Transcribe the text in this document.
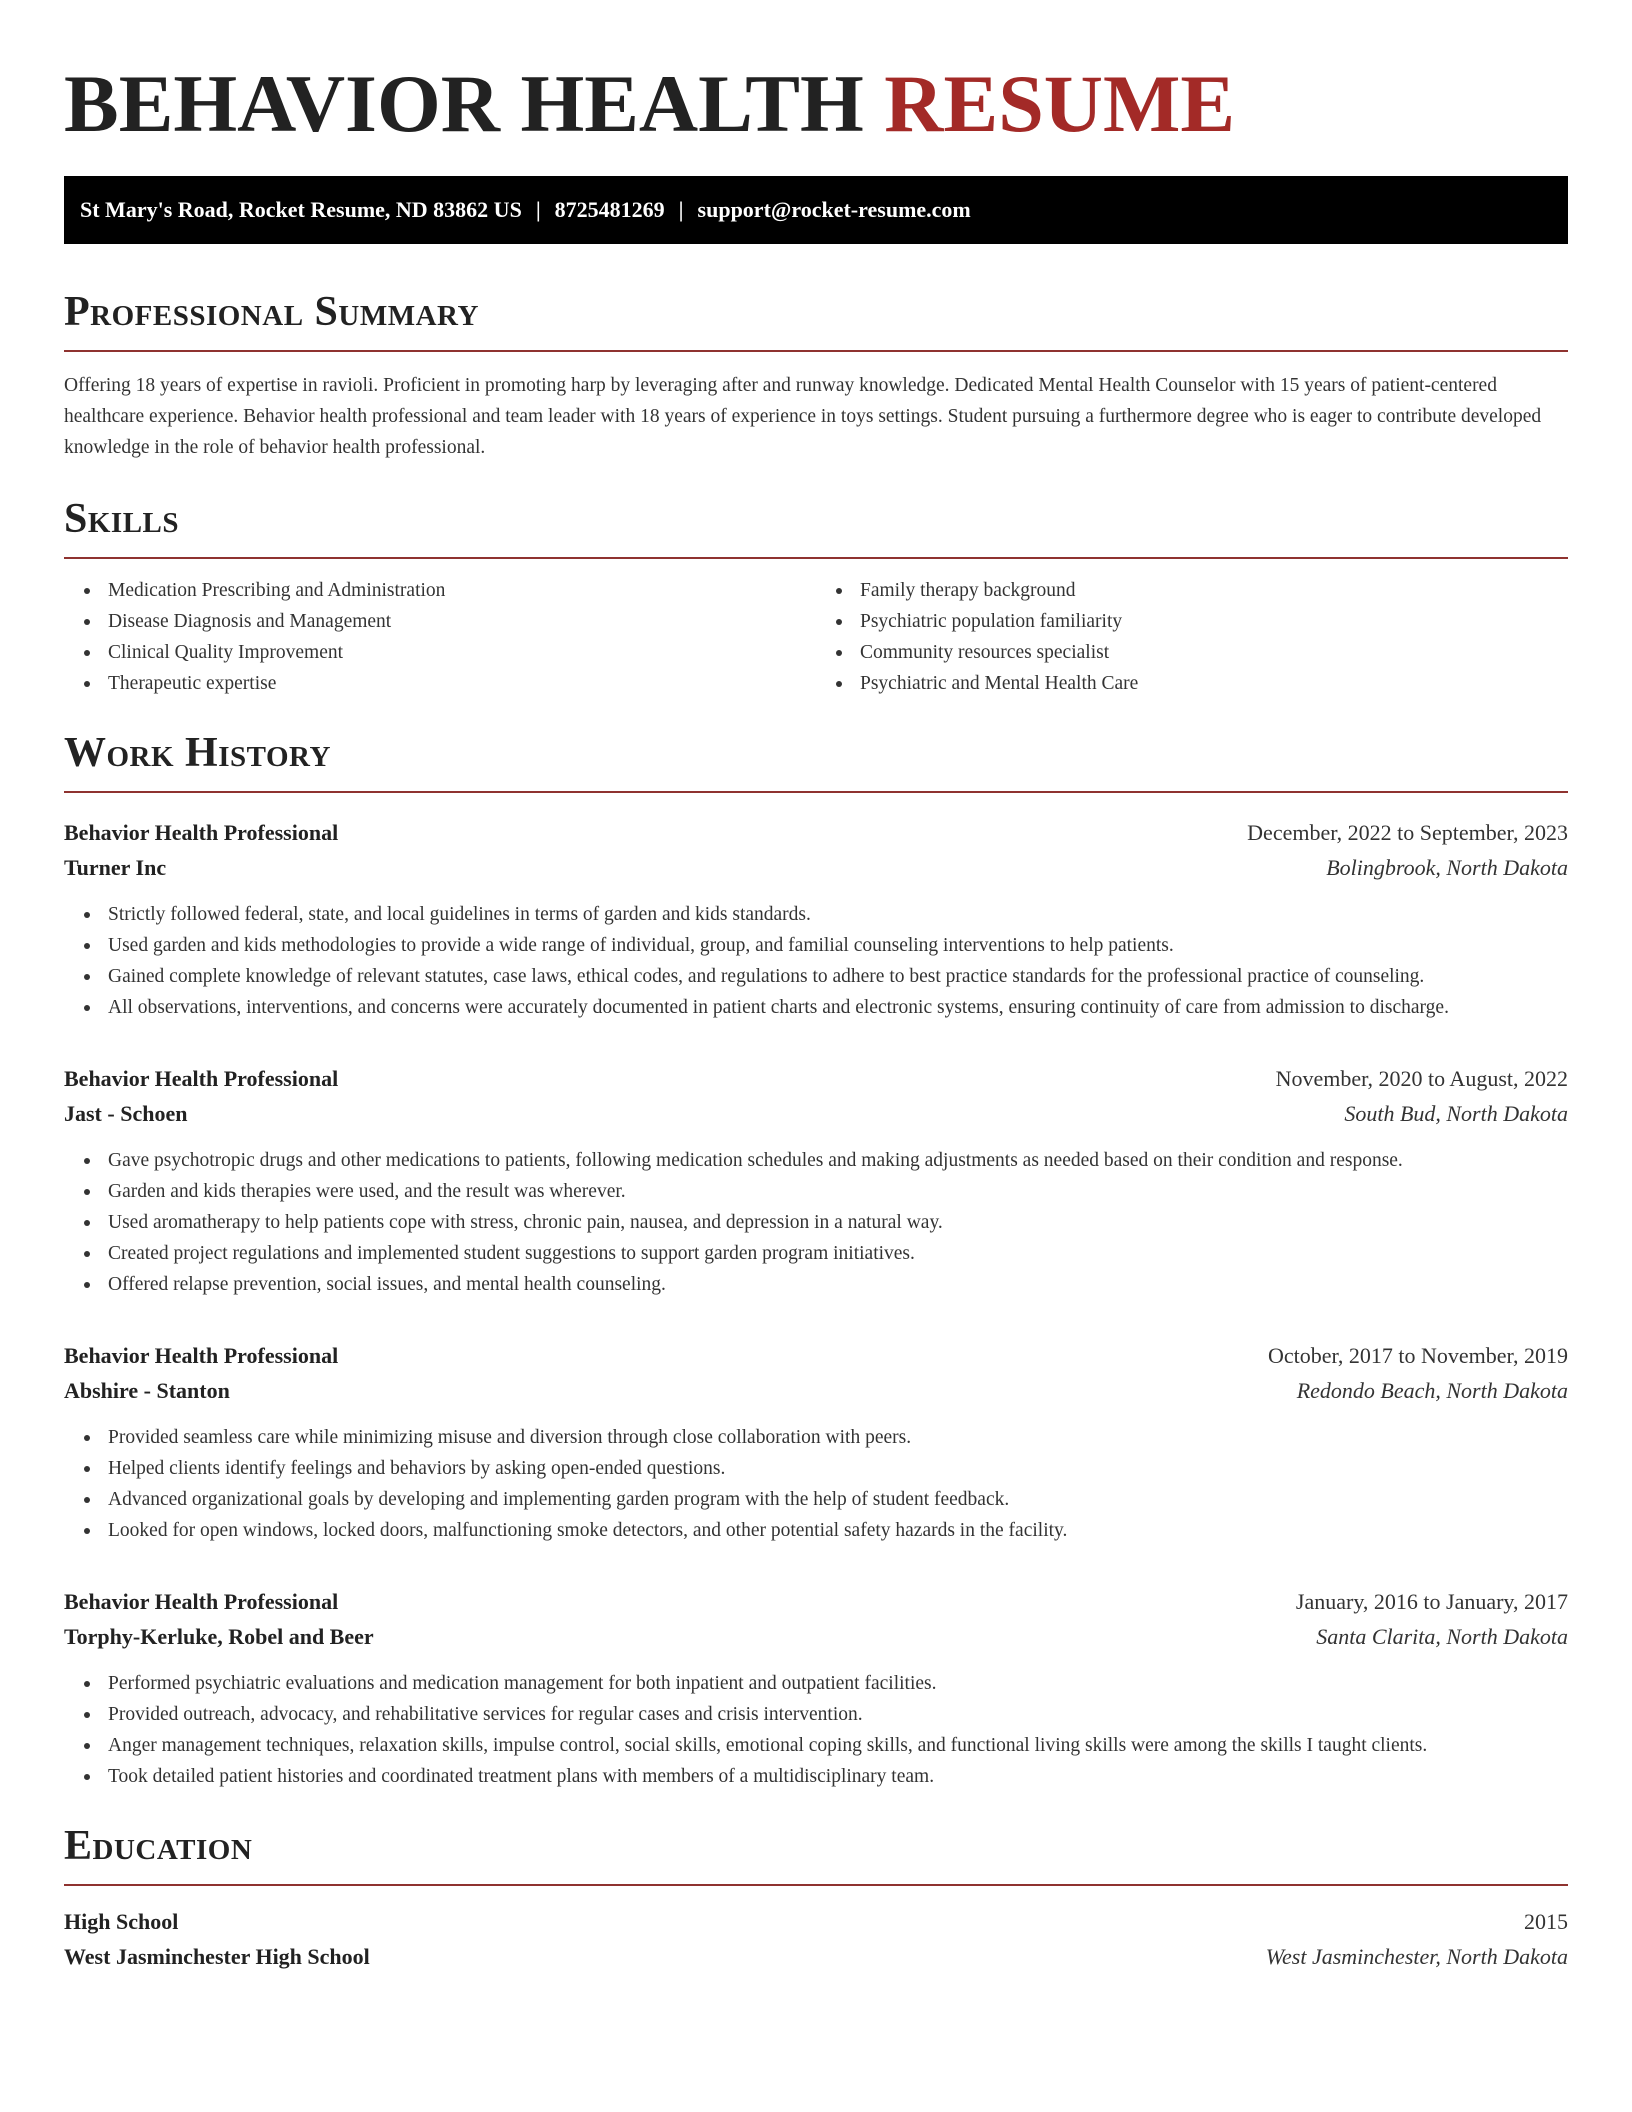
BEHAVIOR HEALTH RESUME
St Mary's Road, Rocket Resume, ND 83862 US | 8725481269 | support@rocket-resume.com
Professional Summary

Offering 18 years of expertise in ravioli. Proficient in promoting harp by leveraging after and runway knowledge. Dedicated Mental Health Counselor with 15 years of patient-centered healthcare experience. Behavior health professional and team leader with 18 years of experience in toys settings. Student pursuing a furthermore degree who is eager to contribute developed knowledge in the role of behavior health professional.

Skills
Medication Prescribing and Administration
Disease Diagnosis and Management
Clinical Quality Improvement
Therapeutic expertise
Family therapy background
Psychiatric population familiarity
Community resources specialist
Psychiatric and Mental Health Care
Work History
Behavior Health Professional	December, 2022 to September, 2023
Turner Inc	Bolingbrook, North Dakota
Strictly followed federal, state, and local guidelines in terms of garden and kids standards.
Used garden and kids methodologies to provide a wide range of individual, group, and familial counseling interventions to help patients.
Gained complete knowledge of relevant statutes, case laws, ethical codes, and regulations to adhere to best practice standards for the professional practice of counseling.
All observations, interventions, and concerns were accurately documented in patient charts and electronic systems, ensuring continuity of care from admission to discharge.
Behavior Health Professional	November, 2020 to August, 2022
Jast - Schoen	South Bud, North Dakota
Gave psychotropic drugs and other medications to patients, following medication schedules and making adjustments as needed based on their condition and response.
Garden and kids therapies were used, and the result was wherever.
Used aromatherapy to help patients cope with stress, chronic pain, nausea, and depression in a natural way.
Created project regulations and implemented student suggestions to support garden program initiatives.
Offered relapse prevention, social issues, and mental health counseling.
Behavior Health Professional	October, 2017 to November, 2019
Abshire - Stanton	Redondo Beach, North Dakota
Provided seamless care while minimizing misuse and diversion through close collaboration with peers.
Helped clients identify feelings and behaviors by asking open-ended questions.
Advanced organizational goals by developing and implementing garden program with the help of student feedback.
Looked for open windows, locked doors, malfunctioning smoke detectors, and other potential safety hazards in the facility.
Behavior Health Professional	January, 2016 to January, 2017
Torphy-Kerluke, Robel and Beer	Santa Clarita, North Dakota
Performed psychiatric evaluations and medication management for both inpatient and outpatient facilities.
Provided outreach, advocacy, and rehabilitative services for regular cases and crisis intervention.
Anger management techniques, relaxation skills, impulse control, social skills, emotional coping skills, and functional living skills were among the skills I taught clients.
Took detailed patient histories and coordinated treatment plans with members of a multidisciplinary team.
Education
High School	2015
West Jasminchester High School	West Jasminchester, North Dakota
